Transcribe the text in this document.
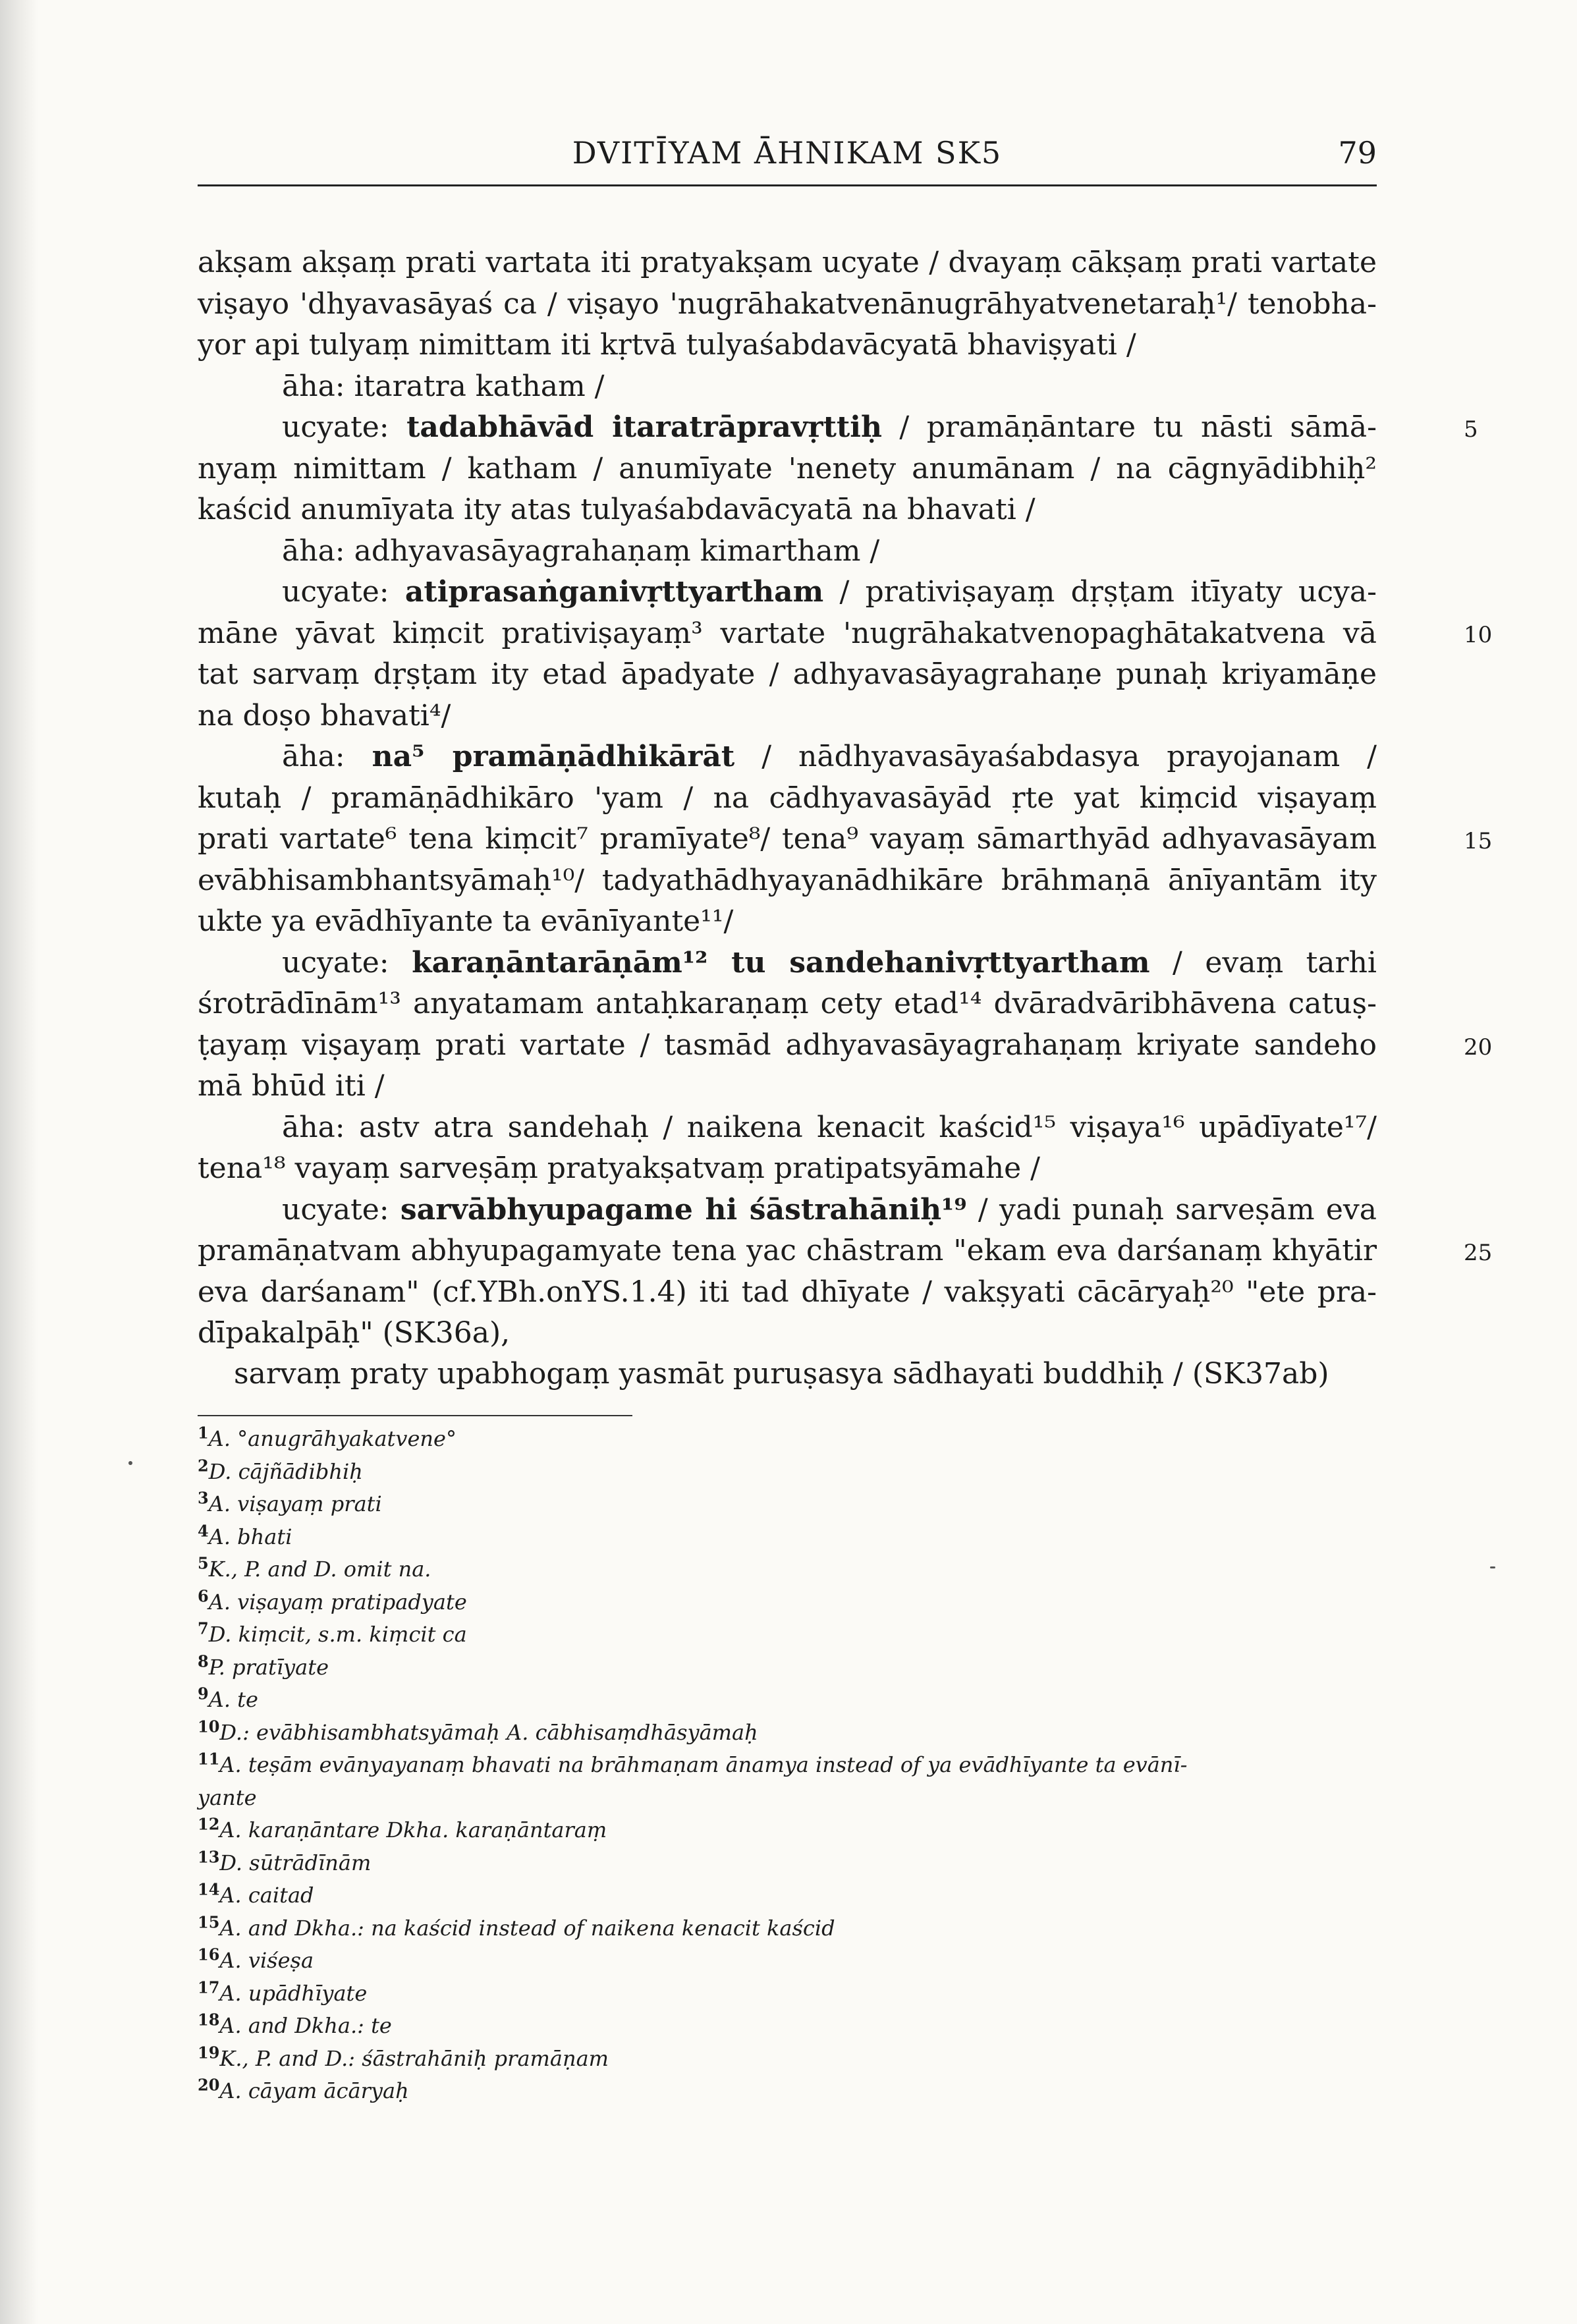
DVITĪYAM ĀHNIKAM SK5	79
akṣam akṣaṃ prati vartata iti pratyakṣam ucyate / dvayaṃ cākṣaṃ prati vartate
viṣayo 'dhyavasāyaś ca / viṣayo 'nugrāhakatvenānugrāhyatvenetaraḥ¹/ tenobha-
yor api tulyaṃ nimittam iti kṛtvā tulyaśabdavācyatā bhaviṣyati /
āha: itaratra katham /
ucyate: tadabhāvād itaratrāpravṛttiḥ / pramāṇāntare tu nāsti sāmā-
nyaṃ nimittam / katham / anumīyate 'nenety anumānam / na cāgnyādibhiḥ²
kaścid anumīyata ity atas tulyaśabdavācyatā na bhavati /
āha: adhyavasāyagrahaṇaṃ kimartham /
ucyate: atiprasaṅganivṛttyartham / prativiṣayaṃ dṛṣṭam itīyaty ucya-
māne yāvat kiṃcit prativiṣayaṃ³ vartate 'nugrāhakatvenopaghātakatvena vā
tat sarvaṃ dṛṣṭam ity etad āpadyate / adhyavasāyagrahaṇe punaḥ kriyamāṇe
na doṣo bhavati⁴/
āha: na⁵ pramāṇādhikārāt / nādhyavasāyaśabdasya prayojanam /
kutaḥ / pramāṇādhikāro 'yam / na cādhyavasāyād ṛte yat kiṃcid viṣayaṃ
prati vartate⁶ tena kiṃcit⁷ pramīyate⁸/ tena⁹ vayaṃ sāmarthyād adhyavasāyam
evābhisambhantsyāmaḥ¹⁰/ tadyathādhyayanādhikāre brāhmaṇā ānīyantām ity
ukte ya evādhīyante ta evānīyante¹¹/
ucyate: karaṇāntarāṇām¹² tu sandehanivṛttyartham / evaṃ tarhi
śrotrādīnām¹³ anyatamam antaḥkaraṇaṃ cety etad¹⁴ dvāradvāribhāvena catuṣ-
ṭayaṃ viṣayaṃ prati vartate / tasmād adhyavasāyagrahaṇaṃ kriyate sandeho
mā bhūd iti /
āha: astv atra sandehaḥ / naikena kenacit kaścid¹⁵ viṣaya¹⁶ upādīyate¹⁷/
tena¹⁸ vayaṃ sarveṣāṃ pratyakṣatvaṃ pratipatsyāmahe /
ucyate: sarvābhyupagame hi śāstrahāniḥ¹⁹ / yadi punaḥ sarveṣām eva
pramāṇatvam abhyupagamyate tena yac chāstram "ekam eva darśanaṃ khyātir
eva darśanam" (cf.YBh.onYS.1.4) iti tad dhīyate / vakṣyati cācāryaḥ²⁰ "ete pra-
dīpakalpāḥ" (SK36a),
5
10
15
20
25
sarvaṃ praty upabhogaṃ yasmāt puruṣasya sādhayati buddhiḥ / (SK37ab)
$^1$A. °anugrāhyakatvene°
$^2$D. cājñādibhiḥ
$^3$A. viṣayaṃ prati
$^4$A. bhati
$^5$K., P. and D. omit na.
$^6$A. viṣayaṃ pratipadyate
$^7$D. kiṃcit, s.m. kiṃcit ca
$^8$P. pratīyate
$^9$A. te
$^{10}$D.: evābhisambhatsyāmaḥ A. cābhisaṃdhāsyāmaḥ
$^{11}$A. teṣām evānyayanaṃ bhavati na brāhmaṇam ānamya instead of ya evādhīyante ta evānī-
yante
$^{12}$A. karaṇāntare Dkha. karaṇāntaraṃ
$^{13}$D. sūtrādīnām
$^{14}$A. caitad
$^{15}$A. and Dkha.: na kaścid instead of naikena kenacit kaścid
$^{16}$A. viśeṣa
$^{17}$A. upādhīyate
$^{18}$A. and Dkha.: te
$^{19}$K., P. and D.: śāstrahāniḥ pramāṇam
$^{20}$A. cāyam ācāryaḥ
